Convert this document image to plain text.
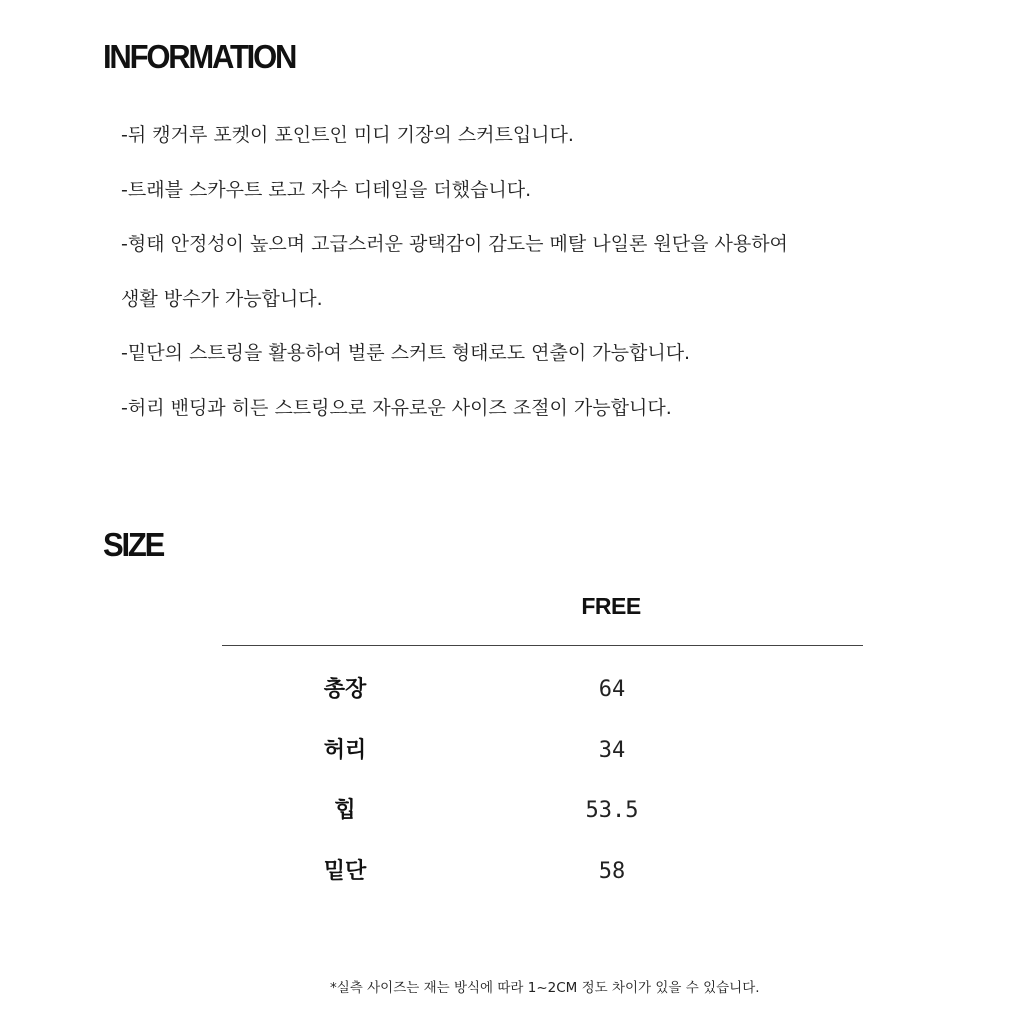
INFORMATION
-뒤 캥거루 포켓이 포인트인 미디 기장의 스커트입니다.
-트래블 스카우트 로고 자수 디테일을 더했습니다.
-형태 안정성이 높으며 고급스러운 광택감이 감도는 메탈 나일론 원단을 사용하여
생활 방수가 가능합니다.
-밑단의 스트링을 활용하여 벌룬 스커트 형태로도 연출이 가능합니다.
-허리 밴딩과 히든 스트링으로 자유로운 사이즈 조절이 가능합니다.
SIZE
FREE
총장	64
허리	34
힙	53.5
밑단	58
*실측 사이즈는 재는 방식에 따라 1~2CM 정도 차이가 있을 수 있습니다.
